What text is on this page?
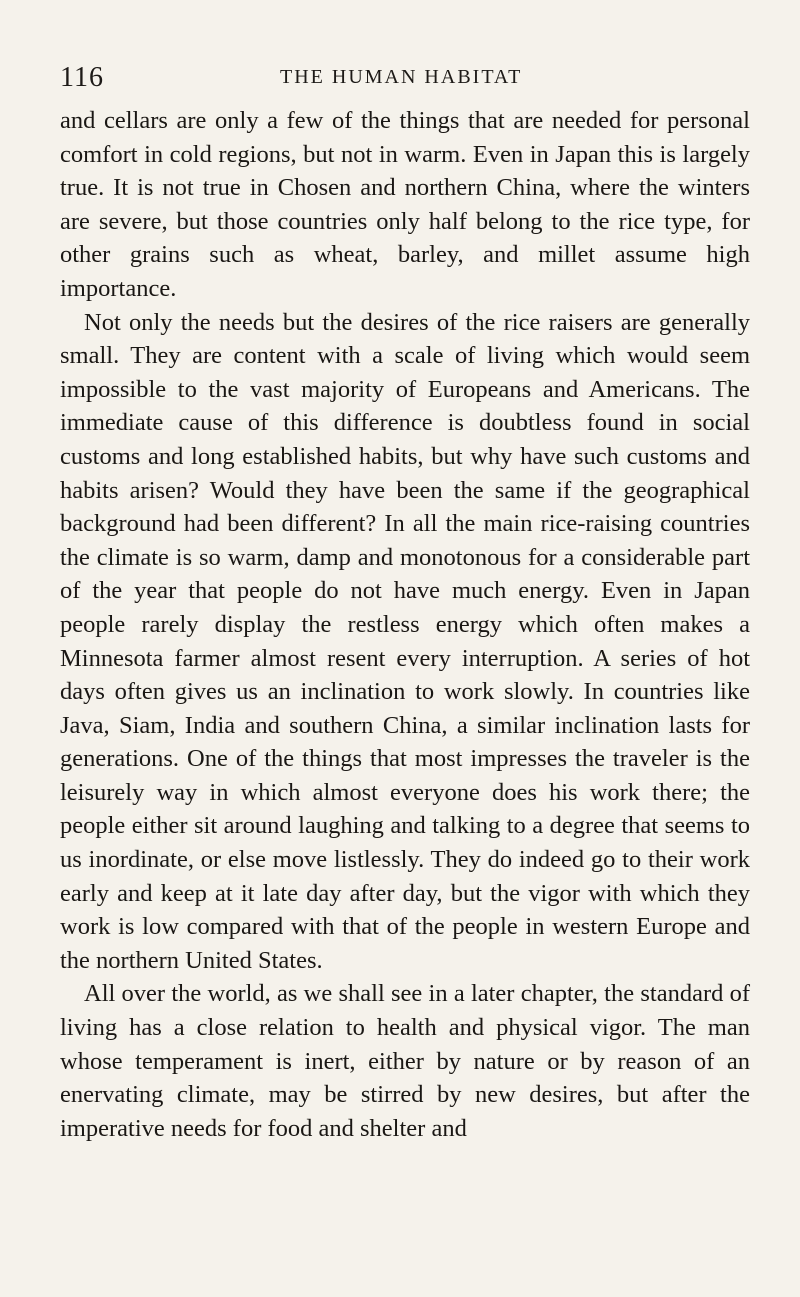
116	THE HUMAN HABITAT

and cellars are only a few of the things that are needed for personal comfort in cold regions, but not in warm. Even in Japan this is largely true. It is not true in Chosen and northern China, where the winters are severe, but those countries only half belong to the rice type, for other grains such as wheat, barley, and millet assume high importance.

Not only the needs but the desires of the rice raisers are generally small. They are content with a scale of living which would seem impossible to the vast majority of Europeans and Americans. The immediate cause of this difference is doubtless found in social customs and long established habits, but why have such customs and habits arisen? Would they have been the same if the geographical background had been different? In all the main rice-raising countries the climate is so warm, damp and monotonous for a considerable part of the year that people do not have much energy. Even in Japan people rarely display the restless energy which often makes a Minnesota farmer almost resent every interruption. A series of hot days often gives us an inclination to work slowly. In countries like Java, Siam, India and southern China, a similar inclination lasts for generations. One of the things that most impresses the traveler is the leisurely way in which almost everyone does his work there; the people either sit around laughing and talking to a degree that seems to us inordinate, or else move listlessly. They do indeed go to their work early and keep at it late day after day, but the vigor with which they work is low compared with that of the people in western Europe and the northern United States.

All over the world, as we shall see in a later chapter, the standard of living has a close relation to health and physical vigor. The man whose temperament is inert, either by nature or by reason of an enervating climate, may be stirred by new desires, but after the imperative needs for food and shelter and
